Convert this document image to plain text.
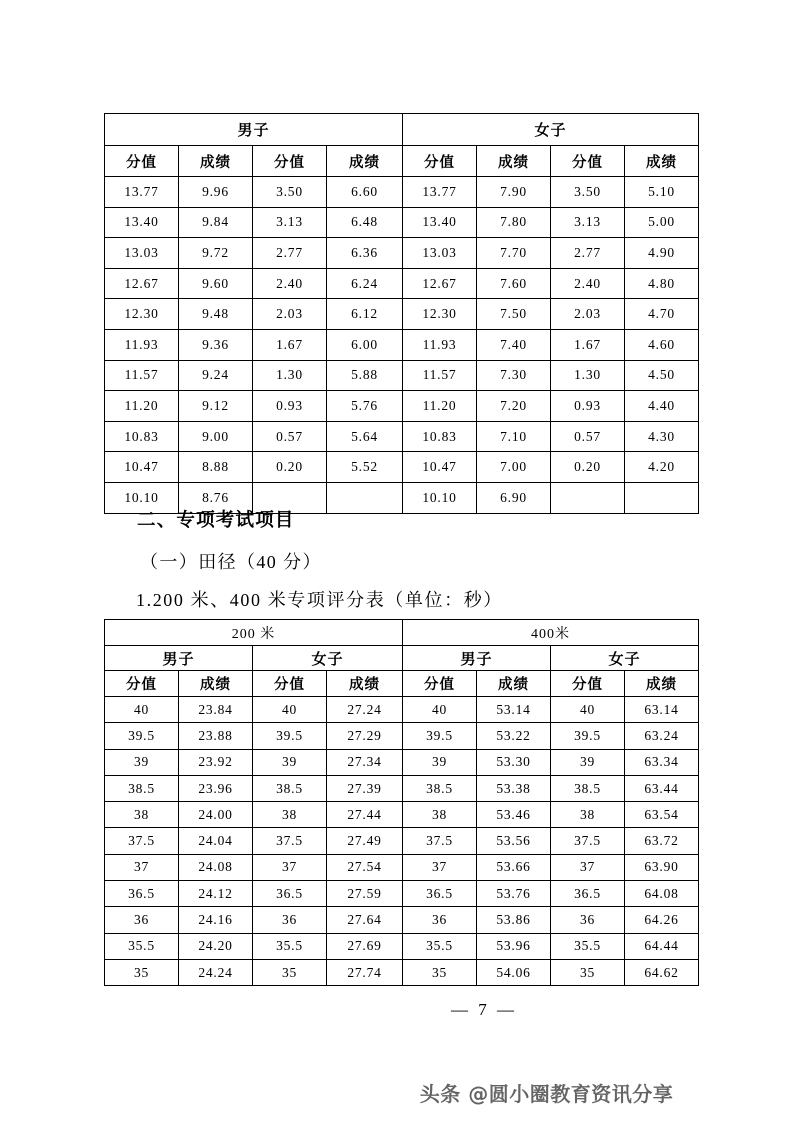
男子				女子			
分值	成绩	分值	成绩	分值	成绩	分值	成绩
13.77	9.96	3.50	6.60	13.77	7.90	3.50	5.10
13.40	9.84	3.13	6.48	13.40	7.80	3.13	5.00
13.03	9.72	2.77	6.36	13.03	7.70	2.77	4.90
12.67	9.60	2.40	6.24	12.67	7.60	2.40	4.80
12.30	9.48	2.03	6.12	12.30	7.50	2.03	4.70
11.93	9.36	1.67	6.00	11.93	7.40	1.67	4.60
11.57	9.24	1.30	5.88	11.57	7.30	1.30	4.50
11.20	9.12	0.93	5.76	11.20	7.20	0.93	4.40
10.83	9.00	0.57	5.64	10.83	7.10	0.57	4.30
10.47	8.88	0.20	5.52	10.47	7.00	0.20	4.20
10.10	8.76			10.10	6.90		
二、专项考试项目
（一）田径（40 分）
1.200 米、400 米专项评分表（单位：秒）
200 米				400米			
男子		女子		男子		女子	
分值	成绩	分值	成绩	分值	成绩	分值	成绩
40	23.84	40	27.24	40	53.14	40	63.14
39.5	23.88	39.5	27.29	39.5	53.22	39.5	63.24
39	23.92	39	27.34	39	53.30	39	63.34
38.5	23.96	38.5	27.39	38.5	53.38	38.5	63.44
38	24.00	38	27.44	38	53.46	38	63.54
37.5	24.04	37.5	27.49	37.5	53.56	37.5	63.72
37	24.08	37	27.54	37	53.66	37	63.90
36.5	24.12	36.5	27.59	36.5	53.76	36.5	64.08
36	24.16	36	27.64	36	53.86	36	64.26
35.5	24.20	35.5	27.69	35.5	53.96	35.5	64.44
35	24.24	35	27.74	35	54.06	35	64.62
— 7 —
头条 @圆小圈教育资讯分享
